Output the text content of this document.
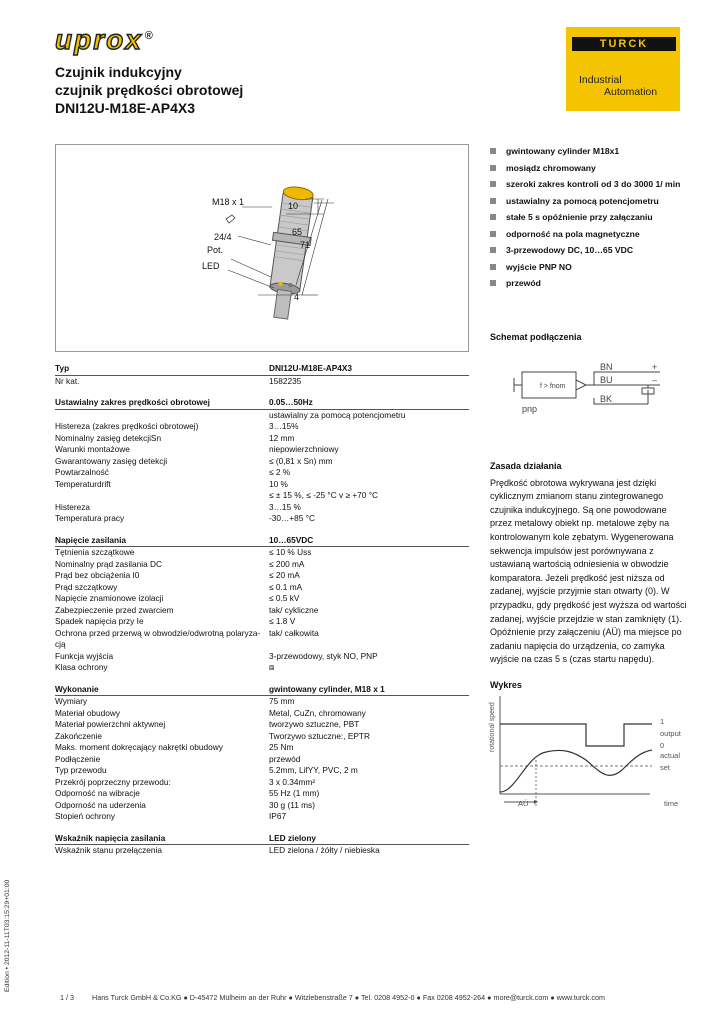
uprox ®
TURCK
Industrial
Automation
Czujnik indukcyjny
czujnik prędkości obrotowej
DNI12U-M18E-AP4X3
M18 x 1
24/4
Pot.
LED
10
65
71
4
gwintowany cylinder M18x1
mosiądz chromowany
szeroki zakres kontroli od 3 do 3000 1/ min
ustawialny za pomocą potencjometru
stałe 5 s opóźnienie przy załączaniu
odporność na pola magnetyczne
3-przewodowy DC, 10…65 VDC
wyjście PNP NO
przewód
Schemat podłączenia
f > fnom
BN
BU
BK
+
–
pnp
Typ	DNI12U-M18E-AP4X3
Nr kat.	1582235
Ustawialny zakres prędkości obrotowej	0.05…50Hz
ustawialny za pomocą potencjometru
Histereza (zakres prędkości obrotowej)	3…15%
Nominalny zasięg detekcjiSn	12 mm
Warunki montażowe	niepowierzchniowy
Gwarantowany zasięg detekcji	≤ (0,81 x Sn) mm
Powtarzalność	≤ 2 %
Temperaturdrift	10 %
≤ ± 15 %, ≤ -25 °C v ≥ +70 °C
Histereza	3…15 %
Temperatura pracy	-30…+85 °C
Napięcie zasilania	10…65VDC
Tętnienia szczątkowe	≤ 10 % Uss
Nominalny prąd zasilania DC	≤ 200 mA
Prąd bez obciążenia I0	≤ 20 mA
Prąd szczątkowy	≤ 0.1 mA
Napięcie znamionowe izolacji	≤ 0.5 kV
Zabezpieczenie przed zwarciem	tak/ cykliczne
Spadek napięcia przy Ie	≤ 1.8 V
Ochrona przed przerwą w obwodzie/odwrotną polaryza-cją
tak/ całkowita
Funkcja wyjścia	3-przewodowy, styk NO, PNP
Klasa ochrony	⧈
Wykonanie	gwintowany cylinder, M18 x 1
Wymiary	75 mm
Materiał obudowy	Metal, CuZn, chromowany
Materiał powierzchni aktywnej	tworzywo sztuczne, PBT
Zakończenie	Tworzywo sztuczne:, EPTR
Maks. moment dokręcający nakrętki obudowy	25 Nm
Podłączenie	przewód
Typ przewodu	5.2mm, LifYY, PVC, 2 m
Przekrój poprzeczny przewodu:	3 x 0.34mm²
Odporność na wibracje	55 Hz (1 mm)
Odporność na uderzenia	30 g (11 ms)
Stopień ochrony	IP67
Wskaźnik napięcia zasilania	LED zielony
Wskaźnik stanu przełączenia	LED zielona / żółty / niebieska
Zasada działania
Prędkość obrotowa wykrywana jest dzięki cyklicznym zmianom stanu zintegrowanego czujnika indukcyjnego. Są one powodowane przez metalowy obiekt np. metalowe zęby na kontrolowanym kole zębatym. Wygenerowana sekwencja impulsów jest porównywana z ustawianą wartością odniesienia w obwodzie komparatora. Jeżeli prędkość jest niższa od zadanej, wyjście przyjmie stan otwarty (0). W przypadku, gdy prędkość jest wyższa od wartości zadanej, wyjście przejdzie w stan zamknięty (1). Opóźnienie przy załączeniu (AÜ) ma miejsce po zadaniu napięcia do urządzenia, co zamyka wyjście na czas 5 s (czas startu napędu).
Wykres
rotational speed	1
output
0
actual
set
AÜ	time
Edition • 2012-11-11T03:15:29+01:00
1 / 3	Hans Turck GmbH & Co.KG ● D-45472 Mülheim an der Ruhr ● Witzlebenstraße 7 ● Tel. 0208 4952-0 ● Fax 0208 4952-264 ● more@turck.com ● www.turck.com
